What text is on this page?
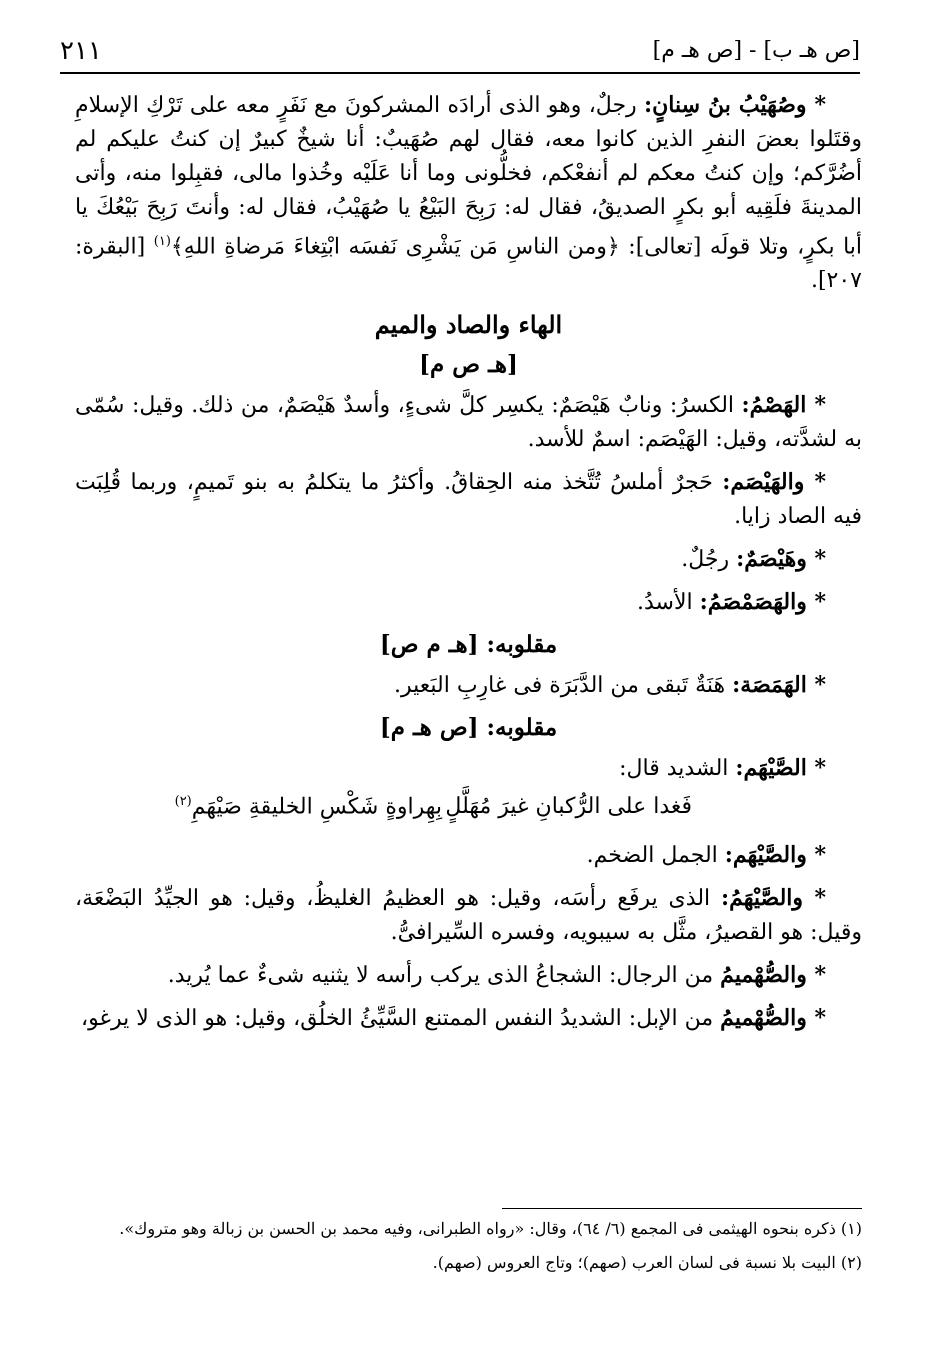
[ص هـ ب] - [ص هـ م]
٢١١

* وصُهَيْبُ بنُ سِنانٍ: رجلٌ، وهو الذى أرادَه المشركونَ مع نَفَرٍ معه على تَرْكِ الإسلامِ وقتَلوا بعضَ النفرِ الذين كانوا معه، فقال لهم صُهَيبٌ: أنا شيخٌ كبيرٌ إن كنتُ عليكم لم أضُرَّكم؛ وإن كنتُ معكم لم أنفعْكم، فخلُّونى وما أنا عَلَيْه وخُذوا مالى، فقبِلوا منه، وأتى المدينةَ فلَقِيه أبو بكرٍ الصديقُ، فقال له: رَبِحَ البَيْعُ يا صُهَيْبُ، فقال له: وأنتَ رَبِحَ بَيْعُكَ يا أبا بكرٍ، وتلا قولَه [تعالى]: ﴿ومن الناسِ مَن يَشْرِى نَفسَه ابْتِغاءَ مَرضاةِ اللهِ﴾$^{(١)}$ [البقرة: ٢٠٧].

الهاء والصاد والميم
[هـ ص م]

* الهَصْمُ: الكسرُ: ونابٌ هَيْصَمٌ: يكسِر كلَّ شىءٍ، وأسدٌ هَيْصَمٌ، من ذلك. وقيل: سُمّى به لشدَّته، وقيل: الهَيْصَم: اسمٌ للأسد.

* والهَيْصَم: حَجرٌ أملسُ تُتَّخذ منه الحِقاقُ. وأكثرُ ما يتكلمُ به بنو تَميمٍ، وربما قُلِبَت فيه الصاد زايا.

* وهَيْصَمٌ: رجُلٌ.

* والهَصَمْصَمُ: الأسدُ.

مقلوبه: [هـ م ص]

* الهَمَصَة: هَنَةٌ تَبقى من الدَّبَرَة فى غارِبِ البَعير.

مقلوبه: [ص هـ م]

* الصَّيْهَم: الشديد قال:

فَغدا على الرُّكبانِ غيرَ مُهَلَّلٍ
بِهِراوةٍ شَكْسِ الخليقةِ صَيْهَمِ$^{(٢)}$

* والصَّيْهَم: الجمل الضخم.

* والصَّيْهَمُ: الذى يرفَع رأسَه، وقيل: هو العظيمُ الغليظُ، وقيل: هو الجيِّدُ البَضْعَة، وقيل: هو القصيرُ، مثَّل به سيبويه، وفسره السِّيرافىُّ.

* والصُّهْميمُ من الرجال: الشجاعُ الذى يركب رأسه لا يثنيه شىءٌ عما يُريد.

* والصُّهْميمُ من الإبل: الشديدُ النفس الممتنع السَّيِّئُ الخلُق، وقيل: هو الذى لا يرغو،

(١) ذكره بنحوه الهيثمى فى المجمع (٦/ ٦٤)، وقال: «رواه الطبرانى، وفيه محمد بن الحسن بن زبالة وهو متروك».

(٢) البيت بلا نسبة فى لسان العرب (صهم)؛ وتاج العروس (صهم).
